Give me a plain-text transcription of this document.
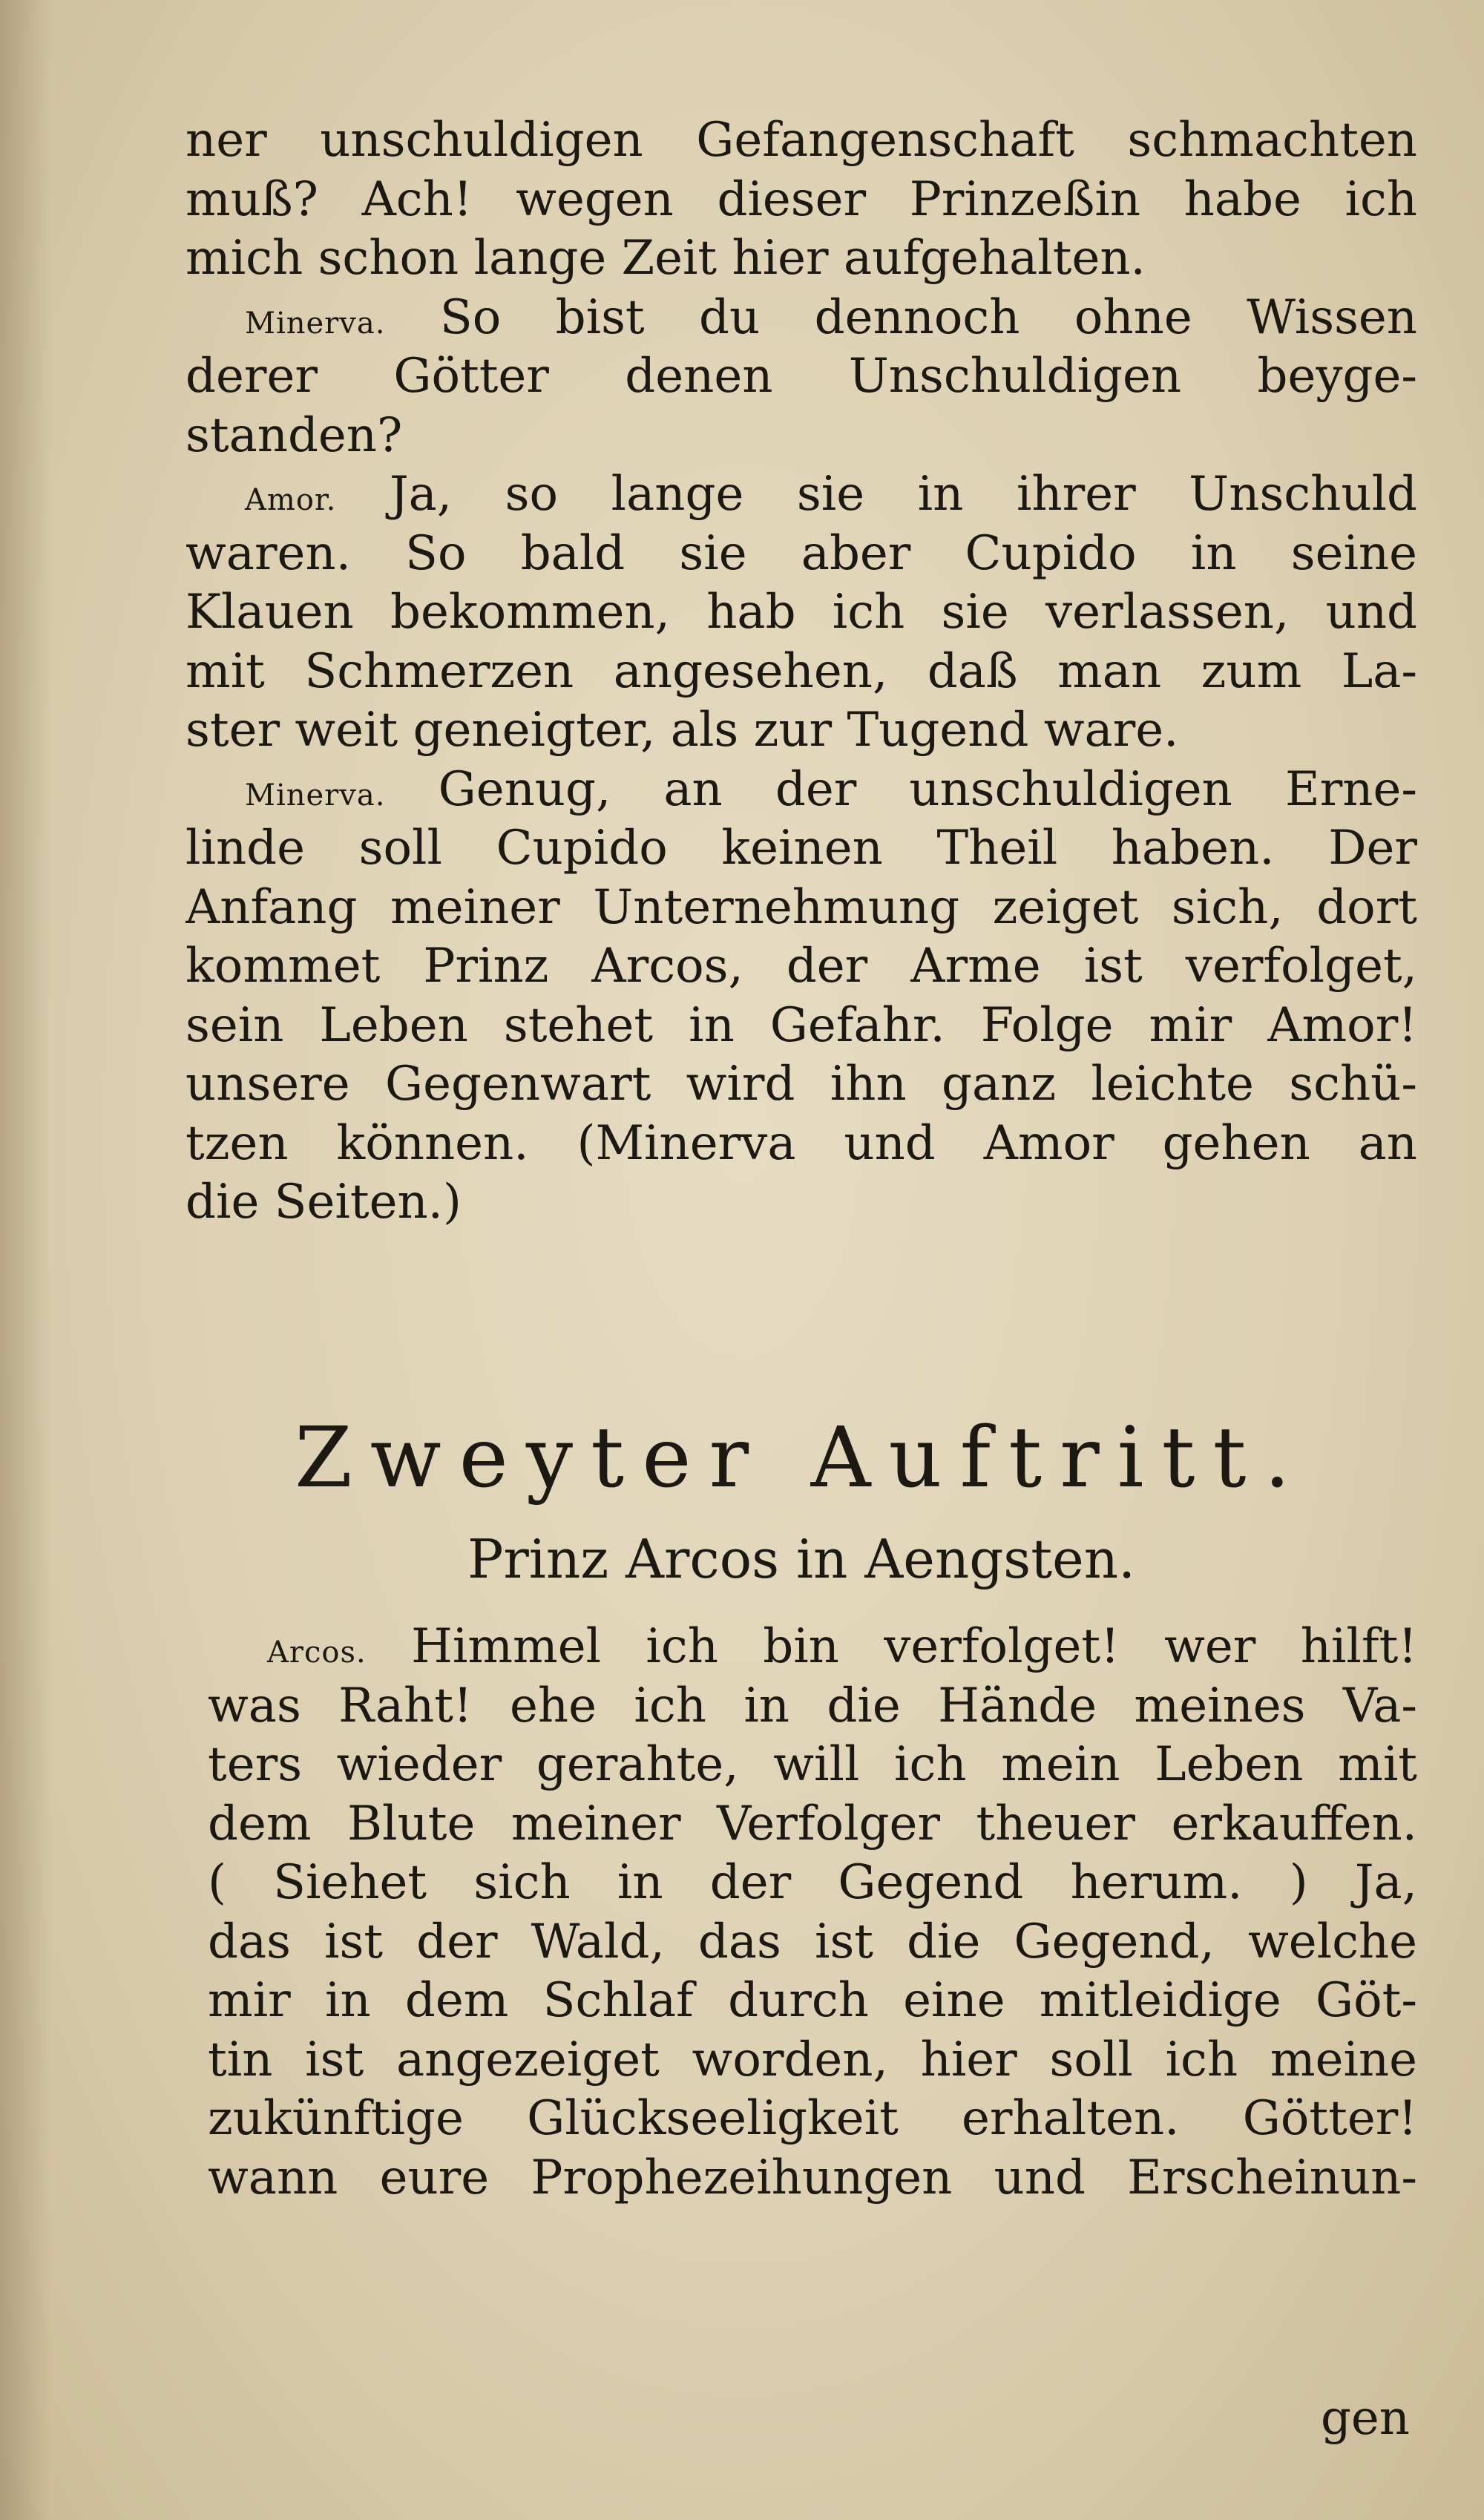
ner unschuldigen Gefangenschaft schmachten
muß? Ach! wegen dieser Prinzeßin habe ich
mich schon lange Zeit hier aufgehalten.
Minerva. So bist du dennoch ohne Wissen
derer Götter denen Unschuldigen beyge-
standen?
Amor. Ja, so lange sie in ihrer Unschuld
waren. So bald sie aber Cupido in seine
Klauen bekommen, hab ich sie verlassen, und
mit Schmerzen angesehen, daß man zum La-
ster weit geneigter, als zur Tugend ware.
Minerva. Genug, an der unschuldigen Erne-
linde soll Cupido keinen Theil haben. Der
Anfang meiner Unternehmung zeiget sich, dort
kommet Prinz Arcos, der Arme ist verfolget,
sein Leben stehet in Gefahr. Folge mir Amor!
unsere Gegenwart wird ihn ganz leichte schü-
tzen können. (Minerva und Amor gehen an
die Seiten.)
Zweyter Auftritt.
Prinz Arcos in Aengsten.
Arcos. Himmel ich bin verfolget! wer hilft!
was Raht! ehe ich in die Hände meines Va-
ters wieder gerahte, will ich mein Leben mit
dem Blute meiner Verfolger theuer erkauffen.
( Siehet sich in der Gegend herum. ) Ja,
das ist der Wald, das ist die Gegend, welche
mir in dem Schlaf durch eine mitleidige Göt-
tin ist angezeiget worden, hier soll ich meine
zukünftige Glückseeligkeit erhalten. Götter!
wann eure Prophezeihungen und Erscheinun-
gen
